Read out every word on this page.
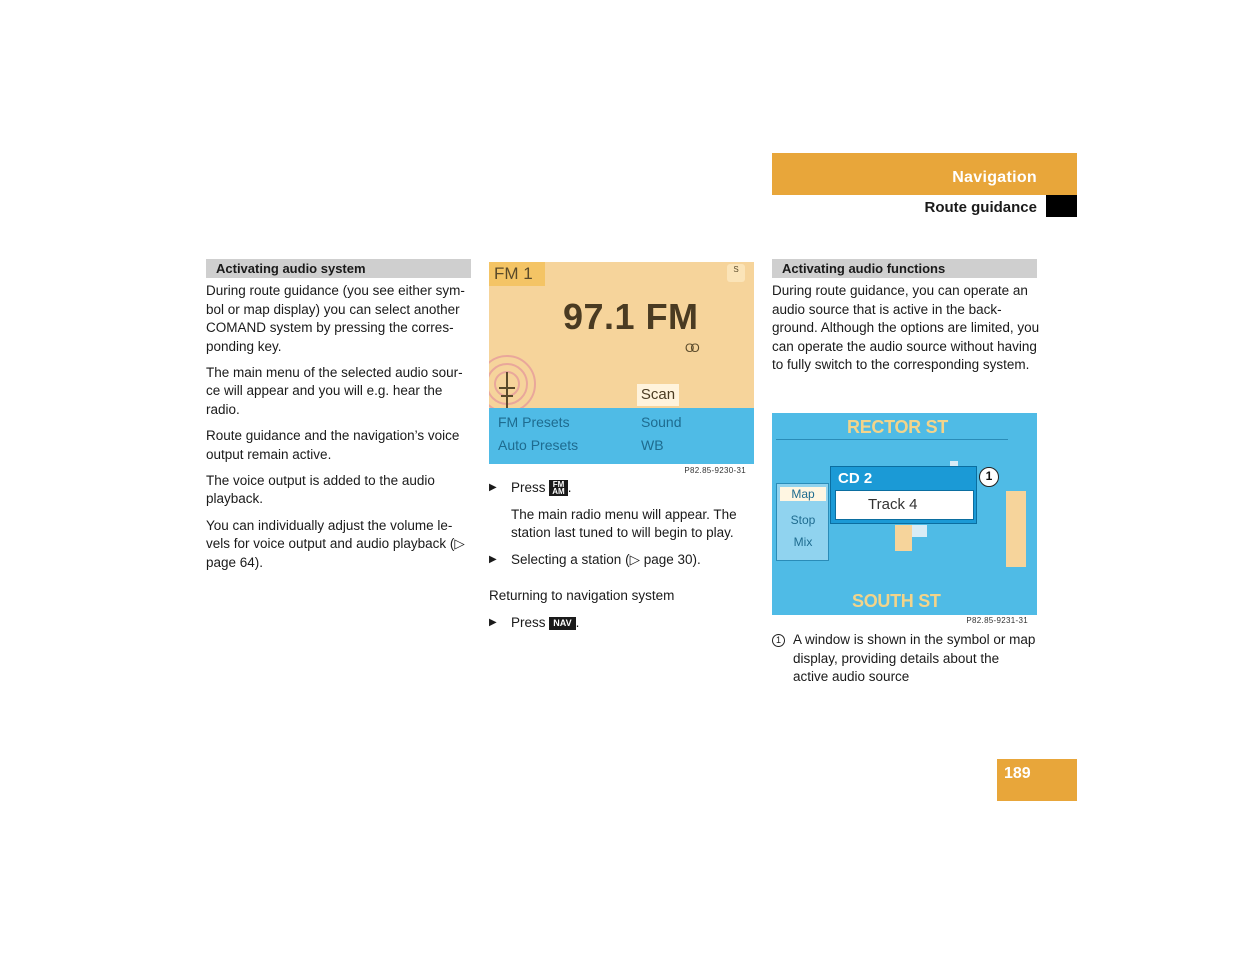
Navigation
Route guidance
Activating audio system

During route guidance (you see either sym-bol or map display) you can select another COMAND system by pressing the corres-ponding key.

The main menu of the selected audio sour-ce will appear and you will e.g. hear the radio.

Route guidance and the navigation’s voice output remain active.

The voice output is added to the audio playback.

You can individually adjust the volume le-vels for voice output and audio playback (▷ page 64).

FM 1	S
97.1 FM
OO
Scan
FM Presets	Sound
Auto Presets	WB
P82.85-9230-31
▶	Press FM
AM .
The main radio menu will appear. The station last tuned to will begin to play.
▶	Selecting a station (▷ page 30).
Returning to navigation system
▶	Press NAV .
Activating audio functions
During route guidance, you can operate an audio source that is active in the back-ground. Although the options are limited, you can operate the audio source without having to fully switch to the corresponding system.
RECTOR ST
Map
Stop
Mix
CD 2
Track 4
1
SOUTH ST
P82.85-9231-31
1 A window is shown in the symbol or map display, providing details about the active audio source
189
